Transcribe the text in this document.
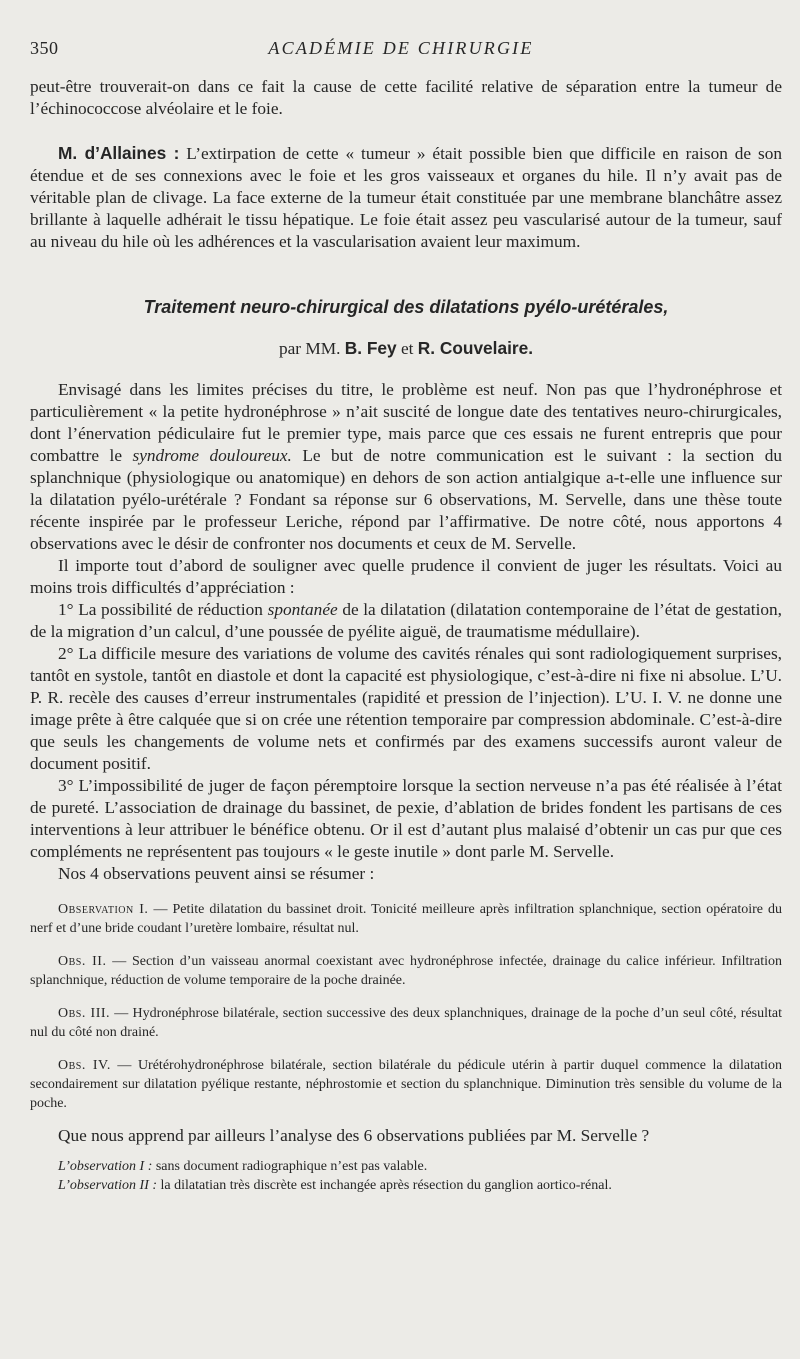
350	ACADÉMIE DE CHIRURGIE

peut-être trouverait-on dans ce fait la cause de cette facilité relative de séparation entre la tumeur de l’échinococcose alvéolaire et le foie.

M. d’Allaines : L’extirpation de cette « tumeur » était possible bien que difficile en raison de son étendue et de ses connexions avec le foie et les gros vaisseaux et organes du hile. Il n’y avait pas de véritable plan de clivage. La face externe de la tumeur était constituée par une membrane blanchâtre assez brillante à laquelle adhérait le tissu hépatique. Le foie était assez peu vascularisé autour de la tumeur, sauf au niveau du hile où les adhérences et la vascularisation avaient leur maximum.

Traitement neuro-chirurgical des dilatations pyélo-urétérales,

par MM. B. Fey et R. Couvelaire.

Envisagé dans les limites précises du titre, le problème est neuf. Non pas que l’hydronéphrose et particulièrement « la petite hydronéphrose » n’ait suscité de longue date des tentatives neuro-chirurgicales, dont l’énervation pédiculaire fut le premier type, mais parce que ces essais ne furent entrepris que pour combattre le syndrome douloureux. Le but de notre communication est le suivant : la section du splanchnique (physiologique ou anatomique) en dehors de son action antialgique a-t-elle une influence sur la dilatation pyélo-urétérale ? Fondant sa réponse sur 6 observations, M. Servelle, dans une thèse toute récente inspirée par le professeur Leriche, répond par l’affirmative. De notre côté, nous apportons 4 observations avec le désir de confronter nos documents et ceux de M. Servelle.

Il importe tout d’abord de souligner avec quelle prudence il convient de juger les résultats. Voici au moins trois difficultés d’appréciation :

1° La possibilité de réduction spontanée de la dilatation (dilatation contemporaine de l’état de gestation, de la migration d’un calcul, d’une poussée de pyélite aiguë, de traumatisme médullaire).

2° La difficile mesure des variations de volume des cavités rénales qui sont radiologiquement surprises, tantôt en systole, tantôt en diastole et dont la capacité est physiologique, c’est-à-dire ni fixe ni absolue. L’U. P. R. recèle des causes d’erreur instrumentales (rapidité et pression de l’injection). L’U. I. V. ne donne une image prête à être calquée que si on crée une rétention temporaire par compression abdominale. C’est-à-dire que seuls les changements de volume nets et confirmés par des examens successifs auront valeur de document positif.

3° L’impossibilité de juger de façon péremptoire lorsque la section nerveuse n’a pas été réalisée à l’état de pureté. L’association de drainage du bassinet, de pexie, d’ablation de brides fondent les partisans de ces interventions à leur attribuer le bénéfice obtenu. Or il est d’autant plus malaisé d’obtenir un cas pur que ces compléments ne représentent pas toujours « le geste inutile » dont parle M. Servelle.

Nos 4 observations peuvent ainsi se résumer :

Observation I. — Petite dilatation du bassinet droit. Tonicité meilleure après infiltration splanchnique, section opératoire du nerf et d’une bride coudant l’uretère lombaire, résultat nul.

Obs. II. — Section d’un vaisseau anormal coexistant avec hydronéphrose infectée, drainage du calice inférieur. Infiltration splanchnique, réduction de volume temporaire de la poche drainée.

Obs. III. — Hydronéphrose bilatérale, section successive des deux splanchniques, drainage de la poche d’un seul côté, résultat nul du côté non drainé.

Obs. IV. — Urétérohydronéphrose bilatérale, section bilatérale du pédicule utérin à partir duquel commence la dilatation secondairement sur dilatation pyélique restante, néphrostomie et section du splanchnique. Diminution très sensible du volume de la poche.

Que nous apprend par ailleurs l’analyse des 6 observations publiées par M. Servelle ?

L’observation I : sans document radiographique n’est pas valable.

L’observation II : la dilatatian très discrète est inchangée après résection du ganglion aortico-rénal.
